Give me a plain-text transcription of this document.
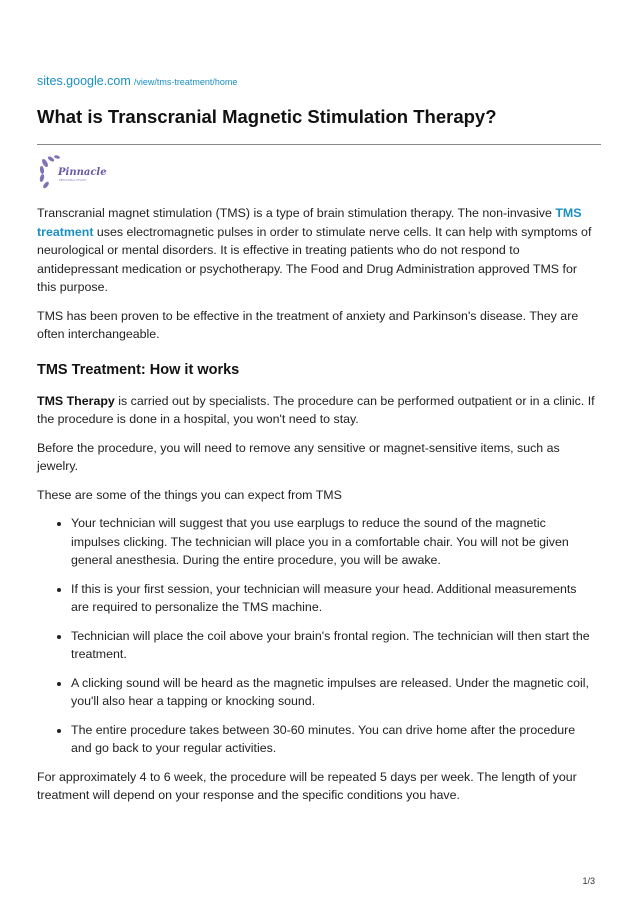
sites.google.com /view/tms-treatment/home
What is Transcranial Magnetic Stimulation Therapy?
Pinnacle
BEHAVIORAL HEALTH

Transcranial magnet stimulation (TMS) is a type of brain stimulation therapy. The non-invasive TMS treatment uses electromagnetic pulses in order to stimulate nerve cells. It can help with symptoms of neurological or mental disorders. It is effective in treating patients who do not respond to antidepressant medication or psychotherapy. The Food and Drug Administration approved TMS for this purpose.

TMS has been proven to be effective in the treatment of anxiety and Parkinson's disease. They are often interchangeable.

TMS Treatment: How it works

TMS Therapy is carried out by specialists. The procedure can be performed outpatient or in a clinic. If the procedure is done in a hospital, you won't need to stay.

Before the procedure, you will need to remove any sensitive or magnet-sensitive items, such as jewelry.

These are some of the things you can expect from TMS

• Your technician will suggest that you use earplugs to reduce the sound of the magnetic impulses clicking. The technician will place you in a comfortable chair. You will not be given general anesthesia. During the entire procedure, you will be awake.
• If this is your first session, your technician will measure your head. Additional measurements are required to personalize the TMS machine.
• Technician will place the coil above your brain's frontal region. The technician will then start the treatment.
• A clicking sound will be heard as the magnetic impulses are released. Under the magnetic coil, you'll also hear a tapping or knocking sound.
• The entire procedure takes between 30-60 minutes. You can drive home after the procedure and go back to your regular activities.

For approximately 4 to 6 week, the procedure will be repeated 5 days per week. The length of your treatment will depend on your response and the specific conditions you have.

1/3
